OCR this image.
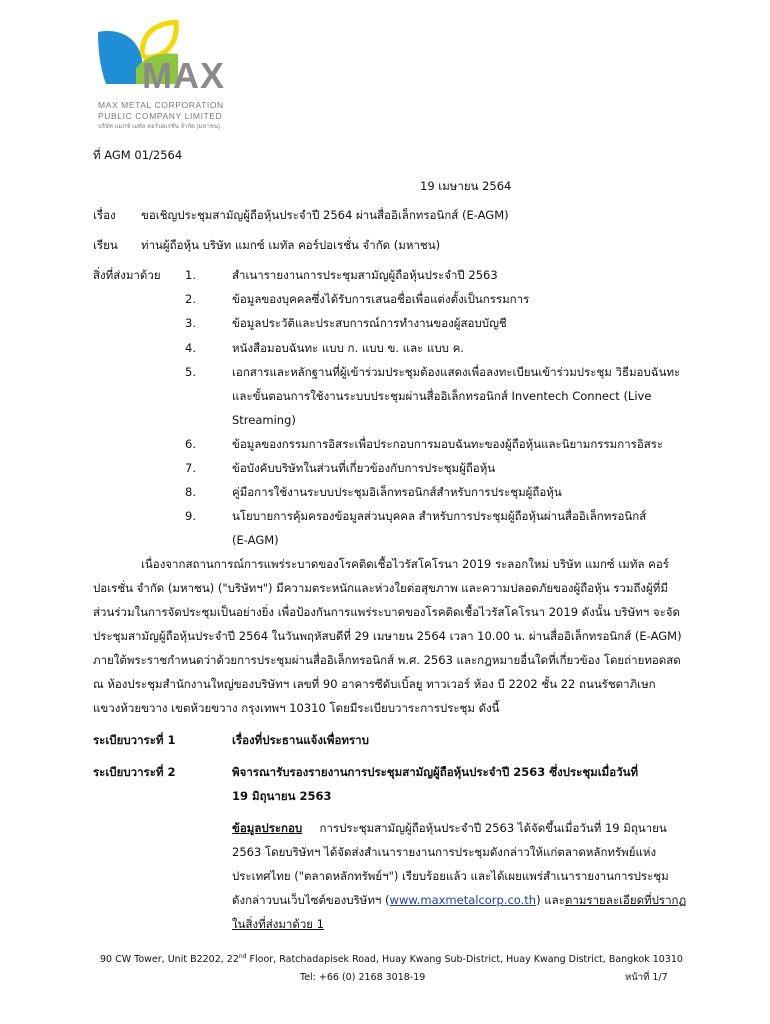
MAX
MAX METAL CORPORATION
PUBLIC COMPANY LIMITED
บริษัท แมกซ์ เมทัล คอร์ปอเรชั่น จำกัด (มหาชน)
ที่ AGM 01/2564
19 เมษายน 2564
เรื่อง ขอเชิญประชุมสามัญผู้ถือหุ้นประจำปี 2564 ผ่านสื่ออิเล็กทรอนิกส์ (E-AGM)
เรียน ท่านผู้ถือหุ้น บริษัท แมกซ์ เมทัล คอร์ปอเรชั่น จำกัด (มหาชน)
สิ่งที่ส่งมาด้วย 1.	สำเนารายงานการประชุมสามัญผู้ถือหุ้นประจำปี 2563
2.	ข้อมูลของบุคคลซึ่งได้รับการเสนอชื่อเพื่อแต่งตั้งเป็นกรรมการ
3.	ข้อมูลประวัติและประสบการณ์การทำงานของผู้สอบบัญชี
4.	หนังสือมอบฉันทะ แบบ ก. แบบ ข. และ แบบ ค.
5.	เอกสารและหลักฐานที่ผู้เข้าร่วมประชุมต้องแสดงเพื่อลงทะเบียนเข้าร่วมประชุม วิธีมอบฉันทะ
และขั้นตอนการใช้งานระบบประชุมผ่านสื่ออิเล็กทรอนิกส์ Inventech Connect (Live
Streaming)
6.	ข้อมูลของกรรมการอิสระเพื่อประกอบการมอบฉันทะของผู้ถือหุ้นและนิยามกรรมการอิสระ
7.	ข้อบังคับบริษัทในส่วนที่เกี่ยวข้องกับการประชุมผู้ถือหุ้น
8.	คู่มือการใช้งานระบบประชุมอิเล็กทรอนิกส์สำหรับการประชุมผู้ถือหุ้น
9.	นโยบายการคุ้มครองข้อมูลส่วนบุคคล สำหรับการประชุมผู้ถือหุ้นผ่านสื่ออิเล็กทรอนิกส์
(E-AGM)
เนื่องจากสถานการณ์การแพร่ระบาดของโรคติดเชื้อไวรัสโคโรนา 2019 ระลอกใหม่ บริษัท แมกซ์ เมทัล คอร์
ปอเรชั่น จำกัด (มหาชน) ("บริษัทฯ") มีความตระหนักและห่วงใยต่อสุขภาพ และความปลอดภัยของผู้ถือหุ้น รวมถึงผู้ที่มี
ส่วนร่วมในการจัดประชุมเป็นอย่างยิ่ง เพื่อป้องกันการแพร่ระบาดของโรคติดเชื้อไวรัสโคโรนา 2019 ดังนั้น บริษัทฯ จะจัด
ประชุมสามัญผู้ถือหุ้นประจำปี 2564 ในวันพฤหัสบดีที่ 29 เมษายน 2564 เวลา 10.00 น. ผ่านสื่ออิเล็กทรอนิกส์ (E-AGM)
ภายใต้พระราชกำหนดว่าด้วยการประชุมผ่านสื่ออิเล็กทรอนิกส์ พ.ศ. 2563 และกฎหมายอื่นใดที่เกี่ยวข้อง โดยถ่ายทอดสด
ณ ห้องประชุมสำนักงานใหญ่ของบริษัทฯ เลขที่ 90 อาคารซีดับเบิ้ลยู ทาวเวอร์ ห้อง บี 2202 ชั้น 22 ถนนรัชดาภิเษก
แขวงห้วยขวาง เขตห้วยขวาง กรุงเทพฯ 10310 โดยมีระเบียบวาระการประชุม ดังนี้
ระเบียบวาระที่ 1	เรื่องที่ประธานแจ้งเพื่อทราบ
ระเบียบวาระที่ 2	พิจารณารับรองรายงานการประชุมสามัญผู้ถือหุ้นประจำปี 2563 ซึ่งประชุมเมื่อวันที่
19 มิถุนายน 2563
ข้อมูลประกอบ การประชุมสามัญผู้ถือหุ้นประจำปี 2563 ได้จัดขึ้นเมื่อวันที่ 19 มิถุนายน
2563 โดยบริษัทฯ ได้จัดส่งสำเนารายงานการประชุมดังกล่าวให้แก่ตลาดหลักทรัพย์แห่ง
ประเทศไทย ("ตลาดหลักทรัพย์ฯ") เรียบร้อยแล้ว และได้เผยแพร่สำเนารายงานการประชุม
ดังกล่าวบนเว็บไซต์ของบริษัทฯ (www.maxmetalcorp.co.th) และตามรายละเอียดที่ปรากฏ
ในสิ่งที่ส่งมาด้วย 1
90 CW Tower, Unit B2202, 22nd Floor, Ratchadapisek Road, Huay Kwang Sub-District, Huay Kwang District, Bangkok 10310
Tel: +66 (0) 2168 3018-19	หน้าที่ 1/7
